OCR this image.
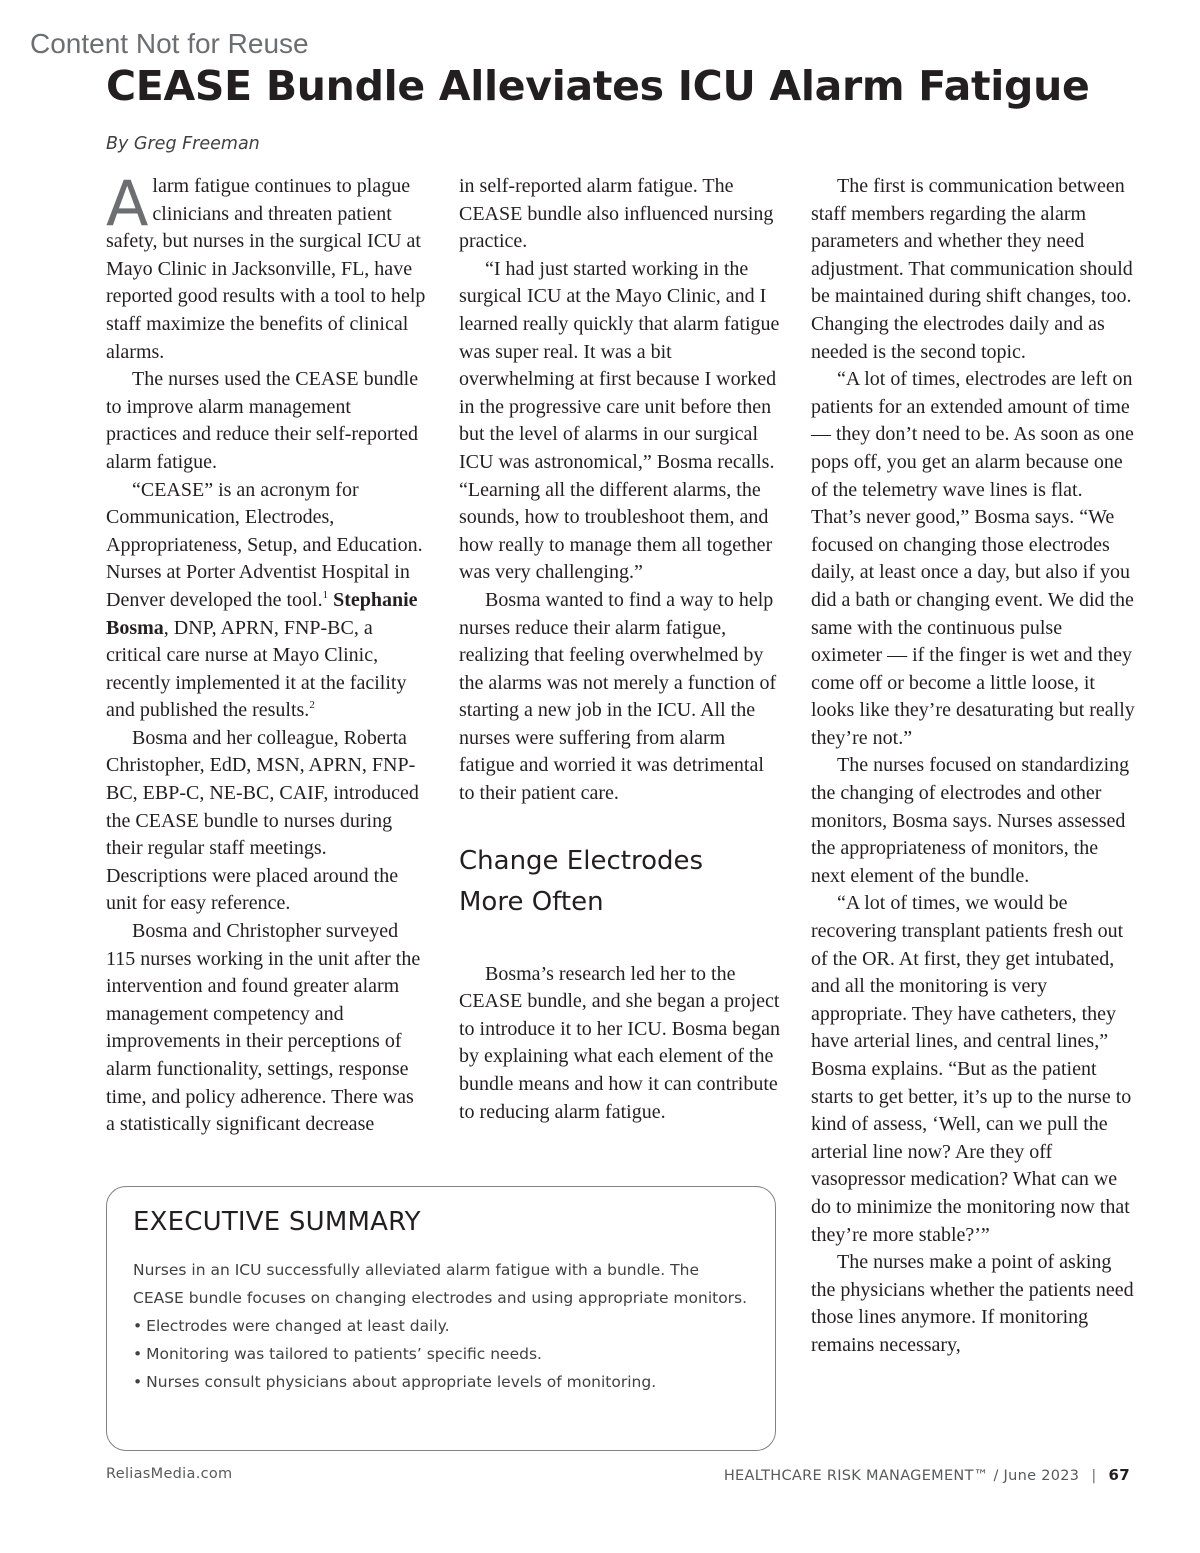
Content Not for Reuse
CEASE Bundle Alleviates ICU Alarm Fatigue
By Greg Freeman

Alarm fatigue continues to plague clinicians and threaten patient safety, but nurses in the surgical ICU at Mayo Clinic in Jacksonville, FL, have reported good results with a tool to help staff maximize the benefits of clinical alarms.

The nurses used the CEASE bundle to improve alarm management practices and reduce their self-reported alarm fatigue.

“CEASE” is an acronym for Communication, Electrodes, Appropriateness, Setup, and Education. Nurses at Porter Adventist Hospital in Denver developed the tool.$^1$ Stephanie Bosma, DNP, APRN, FNP-BC, a critical care nurse at Mayo Clinic, recently implemented it at the facility and published the results.$^2$

Bosma and her colleague, Roberta Christopher, EdD, MSN, APRN, FNP-BC, EBP-C, NE-BC, CAIF, introduced the CEASE bundle to nurses during their regular staff meetings. Descriptions were placed around the unit for easy reference.

Bosma and Christopher surveyed 115 nurses working in the unit after the intervention and found greater alarm management competency and improvements in their perceptions of alarm functionality, settings, response time, and policy adherence. There was a statistically significant decrease

in self-reported alarm fatigue. The CEASE bundle also influenced nursing practice.

“I had just started working in the surgical ICU at the Mayo Clinic, and I learned really quickly that alarm fatigue was super real. It was a bit overwhelming at first because I worked in the progressive care unit before then but the level of alarms in our surgical ICU was astronomical,” Bosma recalls. “Learning all the different alarms, the sounds, how to troubleshoot them, and how really to manage them all together was very challenging.”

Bosma wanted to find a way to help nurses reduce their alarm fatigue, realizing that feeling overwhelmed by the alarms was not merely a function of starting a new job in the ICU. All the nurses were suffering from alarm fatigue and worried it was detrimental to their patient care.

Change Electrodes
More Often

Bosma’s research led her to the CEASE bundle, and she began a project to introduce it to her ICU. Bosma began by explaining what each element of the bundle means and how it can contribute to reducing alarm fatigue.

The first is communication between staff members regarding the alarm parameters and whether they need adjustment. That communication should be maintained during shift changes, too. Changing the electrodes daily and as needed is the second topic.

“A lot of times, electrodes are left on patients for an extended amount of time — they don’t need to be. As soon as one pops off, you get an alarm because one of the telemetry wave lines is flat. That’s never good,” Bosma says. “We focused on changing those electrodes daily, at least once a day, but also if you did a bath or changing event. We did the same with the continuous pulse oximeter — if the finger is wet and they come off or become a little loose, it looks like they’re desaturating but really they’re not.”

The nurses focused on standardizing the changing of electrodes and other monitors, Bosma says. Nurses assessed the appropriateness of monitors, the next element of the bundle.

“A lot of times, we would be recovering transplant patients fresh out of the OR. At first, they get intubated, and all the monitoring is very appropriate. They have catheters, they have arterial lines, and central lines,” Bosma explains. “But as the patient starts to get better, it’s up to the nurse to kind of assess, ‘Well, can we pull the arterial line now? Are they off vasopressor medication? What can we do to minimize the monitoring now that they’re more stable?’”

The nurses make a point of asking the physicians whether the patients need those lines anymore. If monitoring remains necessary,

EXECUTIVE SUMMARY

Nurses in an ICU successfully alleviated alarm fatigue with a bundle. The CEASE bundle focuses on changing electrodes and using appropriate monitors.

• Electrodes were changed at least daily.
• Monitoring was tailored to patients’ specific needs.
• Nurses consult physicians about appropriate levels of monitoring.
ReliasMedia.com	HEALTHCARE RISK MANAGEMENT™ / June 2023 | 67
